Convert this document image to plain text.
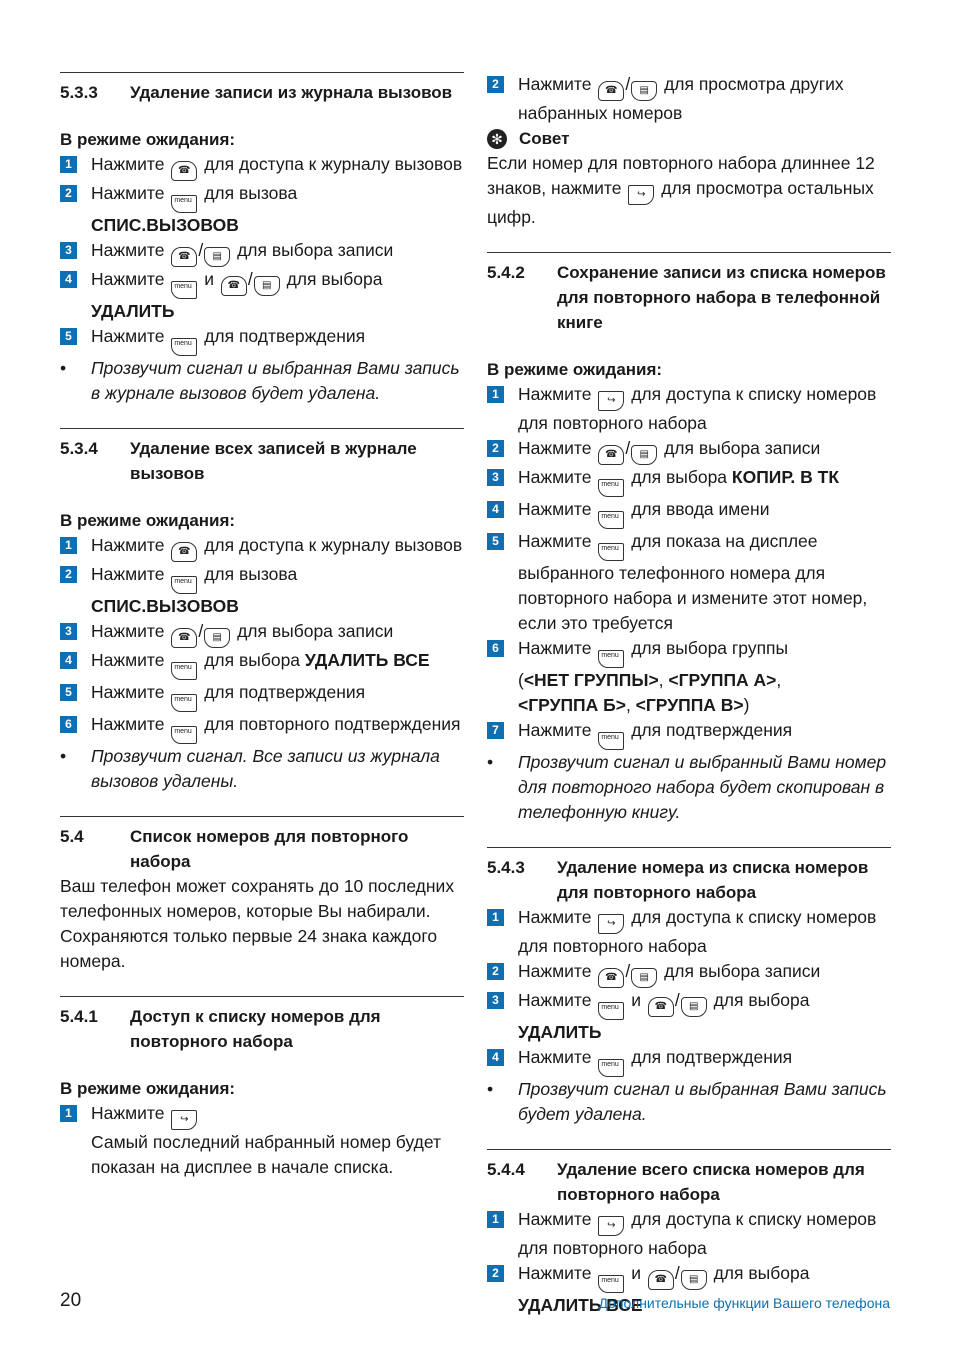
5.3.3	Удаление записи из журнала вызовов
В режиме ожидания:
1 Нажмите ☎ для доступа к журналу вызовов
2 Нажмите menu для вызова
СПИС.ВЫЗОВОВ
3 Нажмите ☎ / ▤ для выбора записи
4 Нажмите menu и ☎ / ▤ для выбора
УДАЛИТЬ
5 Нажмите menu для подтверждения
•	Прозвучит сигнал и выбранная Вами запись в журнале вызовов будет удалена.
5.3.4	Удаление всех записей в журнале вызовов
В режиме ожидания:
1 Нажмите ☎ для доступа к журналу вызовов
2 Нажмите menu для вызова
СПИС.ВЫЗОВОВ
3 Нажмите ☎ / ▤ для выбора записи
4 Нажмите menu для выбора УДАЛИТЬ ВСЕ
5 Нажмите menu для подтверждения
6 Нажмите menu для повторного подтверждения
•	Прозвучит сигнал. Все записи из журнала вызовов удалены.
5.4	Список номеров для повторного набора
Ваш телефон может сохранять до 10 последних телефонных номеров, которые Вы набирали. Сохраняются только первые 24 знака каждого номера.
5.4.1	Доступ к списку номеров для повторного набора
В режиме ожидания:
1 Нажмите ↪
Самый последний набранный номер будет показан на дисплее в начале списка.
2 Нажмите ☎ / ▤ для просмотра других набранных номеров
✻ Совет
Если номер для повторного набора длиннее 12 знаков, нажмите ↪ для просмотра остальных цифр.
5.4.2	Сохранение записи из списка номеров для повторного набора в телефонной книге
В режиме ожидания:
1 Нажмите ↪ для доступа к списку номеров для повторного набора
2 Нажмите ☎ / ▤ для выбора записи
3 Нажмите menu для выбора КОПИР. В ТК
4 Нажмите menu для ввода имени
5 Нажмите menu для показа на дисплее выбранного телефонного номера для повторного набора и измените этот номер, если это требуется
6 Нажмите menu для выбора группы
(<НЕТ ГРУППЫ>, <ГРУППА A>,
<ГРУППА Б>, <ГРУППА В>)
7 Нажмите menu для подтверждения
•	Прозвучит сигнал и выбранный Вами номер для повторного набора будет скопирован в телефонную книгу.
5.4.3	Удаление номера из списка номеров для повторного набора
1 Нажмите ↪ для доступа к списку номеров для повторного набора
2 Нажмите ☎ / ▤ для выбора записи
3 Нажмите menu и ☎ / ▤ для выбора
УДАЛИТЬ
4 Нажмите menu для подтверждения
•	Прозвучит сигнал и выбранная Вами запись будет удалена.
5.4.4	Удаление всего списка номеров для повторного набора
1 Нажмите ↪ для доступа к списку номеров для повторного набора
2 Нажмите menu и ☎ / ▤ для выбора
УДАЛИТЬ ВСЕ
20	Дополнительные функции Вашего телефона
